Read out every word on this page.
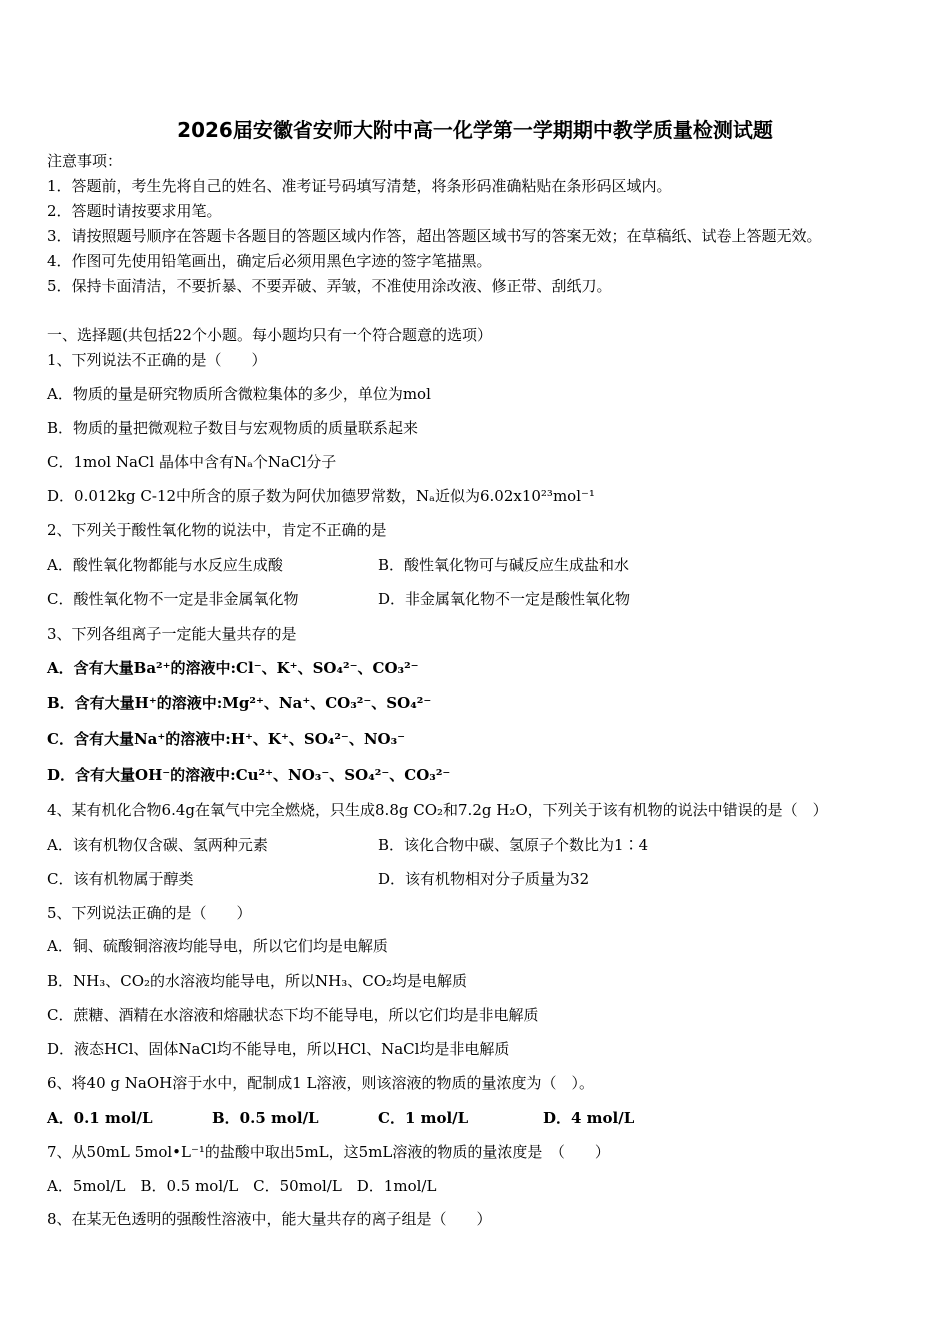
2026届安徽省安师大附中高一化学第一学期期中教学质量检测试题
注意事项：
1．答题前，考生先将自己的姓名、准考证号码填写清楚，将条形码准确粘贴在条形码区域内。
2．答题时请按要求用笔。
3．请按照题号顺序在答题卡各题目的答题区域内作答，超出答题区域书写的答案无效；在草稿纸、试卷上答题无效。
4．作图可先使用铅笔画出，确定后必须用黑色字迹的签字笔描黑。
5．保持卡面清洁，不要折暴、不要弄破、弄皱，不准使用涂改液、修正带、刮纸刀。
一、选择题(共包括22个小题。每小题均只有一个符合题意的选项）
1、下列说法不正确的是（　　）
A．物质的量是研究物质所含微粒集体的多少，单位为mol
B．物质的量把微观粒子数目与宏观物质的质量联系起来
C．1mol NaCl 晶体中含有Nₐ个NaCl分子
D．0.012kg C-12中所含的原子数为阿伏加德罗常数，Nₐ近似为6.02x10²³mol⁻¹
2、下列关于酸性氧化物的说法中，肯定不正确的是
A．酸性氧化物都能与水反应生成酸	B．酸性氧化物可与碱反应生成盐和水
C．酸性氧化物不一定是非金属氧化物	D．非金属氧化物不一定是酸性氧化物
3、下列各组离子一定能大量共存的是
A．含有大量Ba²⁺的溶液中:Cl⁻、K⁺、SO₄²⁻、CO₃²⁻
B．含有大量H⁺的溶液中:Mg²⁺、Na⁺、CO₃²⁻、SO₄²⁻
C．含有大量Na⁺的溶液中:H⁺、K⁺、SO₄²⁻、NO₃⁻
D．含有大量OH⁻的溶液中:Cu²⁺、NO₃⁻、SO₄²⁻、CO₃²⁻
4、某有机化合物6.4g在氧气中完全燃烧，只生成8.8g CO₂和7.2g H₂O，下列关于该有机物的说法中错误的是（　）
A．该有机物仅含碳、氢两种元素	B．该化合物中碳、氢原子个数比为1∶4
C．该有机物属于醇类	D．该有机物相对分子质量为32
5、下列说法正确的是（　　）
A．铜、硫酸铜溶液均能导电，所以它们均是电解质
B．NH₃、CO₂的水溶液均能导电，所以NH₃、CO₂均是电解质
C．蔗糖、酒精在水溶液和熔融状态下均不能导电，所以它们均是非电解质
D．液态HCl、固体NaCl均不能导电，所以HCl、NaCl均是非电解质
6、将40 g NaOH溶于水中，配制成1 L溶液，则该溶液的物质的量浓度为（　）。
A．0.1 mol/L	B．0.5 mol/L	C．1 mol/L	D．4 mol/L
7、从50mL 5mol•L⁻¹的盐酸中取出5mL，这5mL溶液的物质的量浓度是　（　　）
A．5mol/L　B．0.5 mol/L　C．50mol/L　D．1mol/L
8、在某无色透明的强酸性溶液中，能大量共存的离子组是（　　）
